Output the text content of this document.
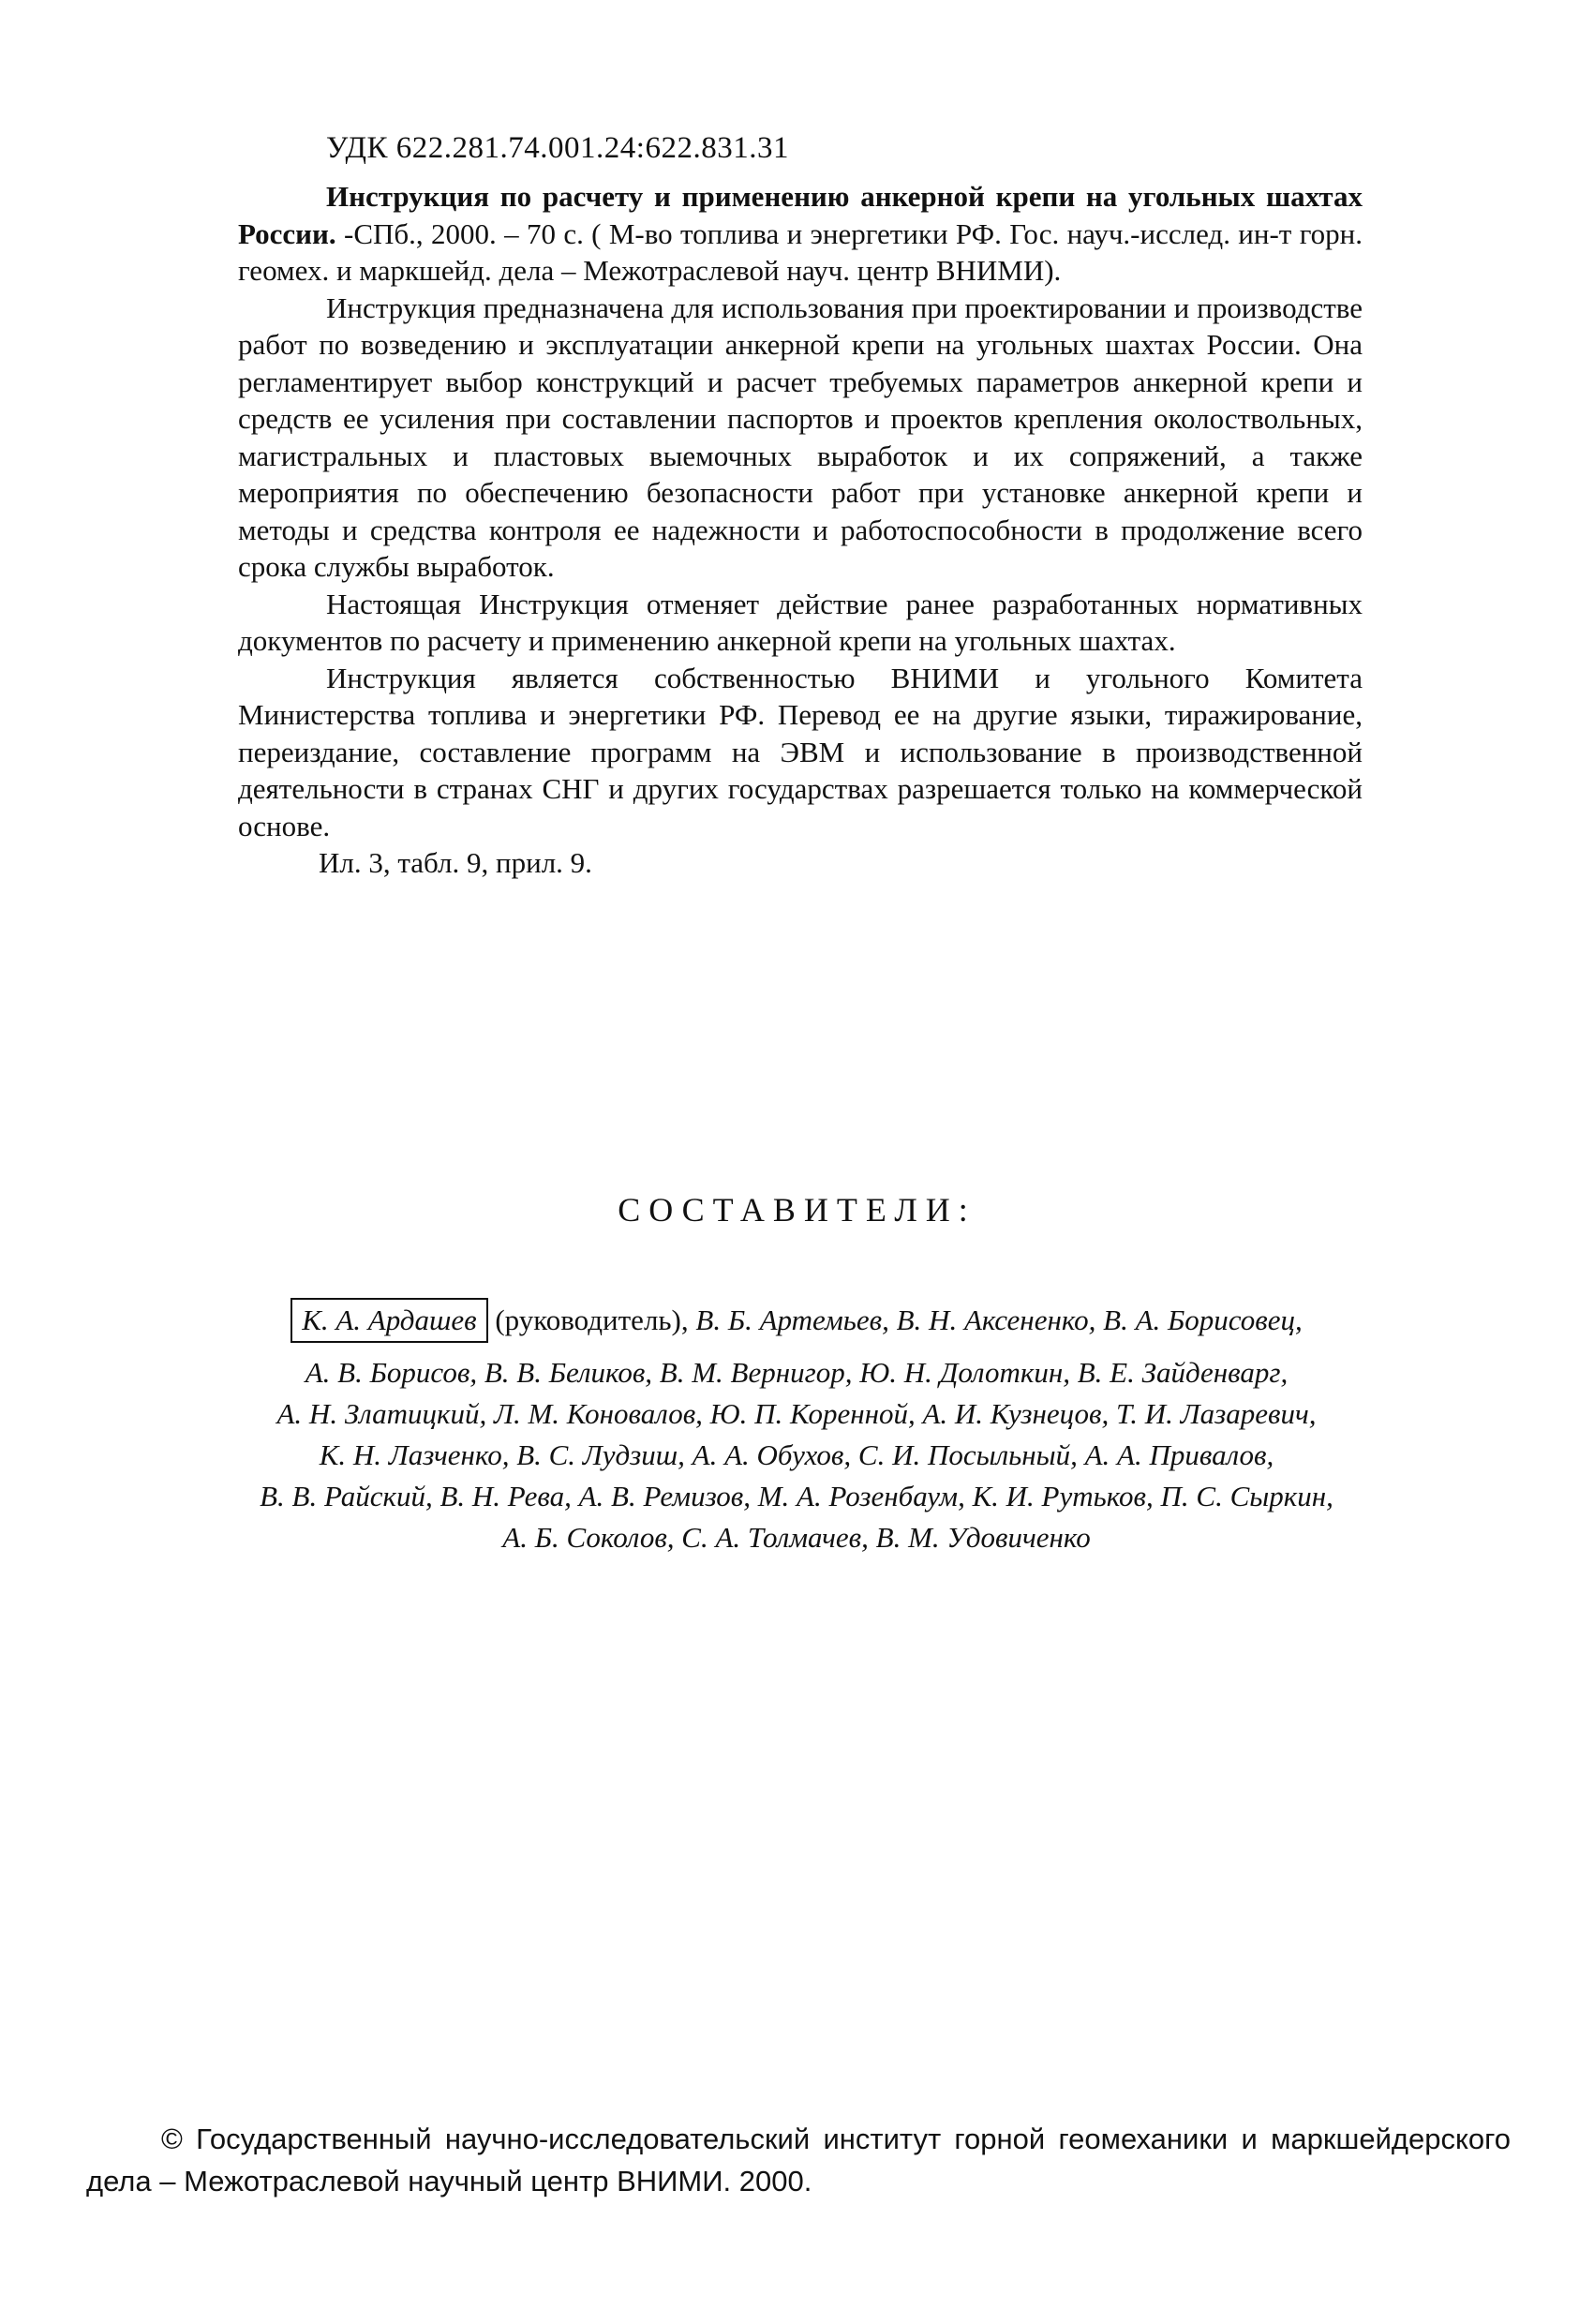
УДК 622.281.74.001.24:622.831.31

Инструкция по расчету и применению анкерной крепи на угольных шахтах России. -СПб., 2000. – 70 с. ( М-во топлива и энергетики РФ. Гос. науч.-исслед. ин-т горн. геомех. и маркшейд. дела – Межотраслевой науч. центр ВНИМИ).

Инструкция предназначена для использования при проектировании и производстве работ по возведению и эксплуатации анкерной крепи на угольных шахтах России. Она регламентирует выбор конструкций и расчет требуемых параметров анкерной крепи и средств ее усиления при составлении паспортов и проектов крепления околоствольных, магистральных и пластовых выемочных выработок и их сопряжений, а также мероприятия по обеспечению безопасности работ при установке анкерной крепи и методы и средства контроля ее надежности и работоспособности в продолжение всего срока службы выработок.

Настоящая Инструкция отменяет действие ранее разработанных нормативных документов по расчету и применению анкерной крепи на угольных шахтах.

Инструкция является собственностью ВНИМИ и угольного Комитета Министерства топлива и энергетики РФ. Перевод ее на другие языки, тиражирование, переиздание, составление программ на ЭВМ и использование в производственной деятельности в странах СНГ и других государствах разрешается только на коммерческой основе.

Ил. 3, табл. 9, прил. 9.

СОСТАВИТЕЛИ:
К. А. Ардашев (руководитель), В. Б. Артемьев, В. Н. Аксененко, В. А. Борисовец,
А. В. Борисов, В. В. Беликов, В. М. Вернигор, Ю. Н. Долоткин, В. Е. Зайденварг,
А. Н. Златицкий, Л. М. Коновалов, Ю. П. Коренной, А. И. Кузнецов, Т. И. Лазаревич,
К. Н. Лазченко, В. С. Лудзиш, А. А. Обухов, С. И. Посыльный, А. А. Привалов,
В. В. Райский, В. Н. Рева, А. В. Ремизов, М. А. Розенбаум, К. И. Рутьков, П. С. Сыркин,
А. Б. Соколов, С. А. Толмачев, В. М. Удовиченко
© Государственный научно-исследовательский институт горной геомеханики и маркшейдерского дела – Межотраслевой научный центр ВНИМИ. 2000.
